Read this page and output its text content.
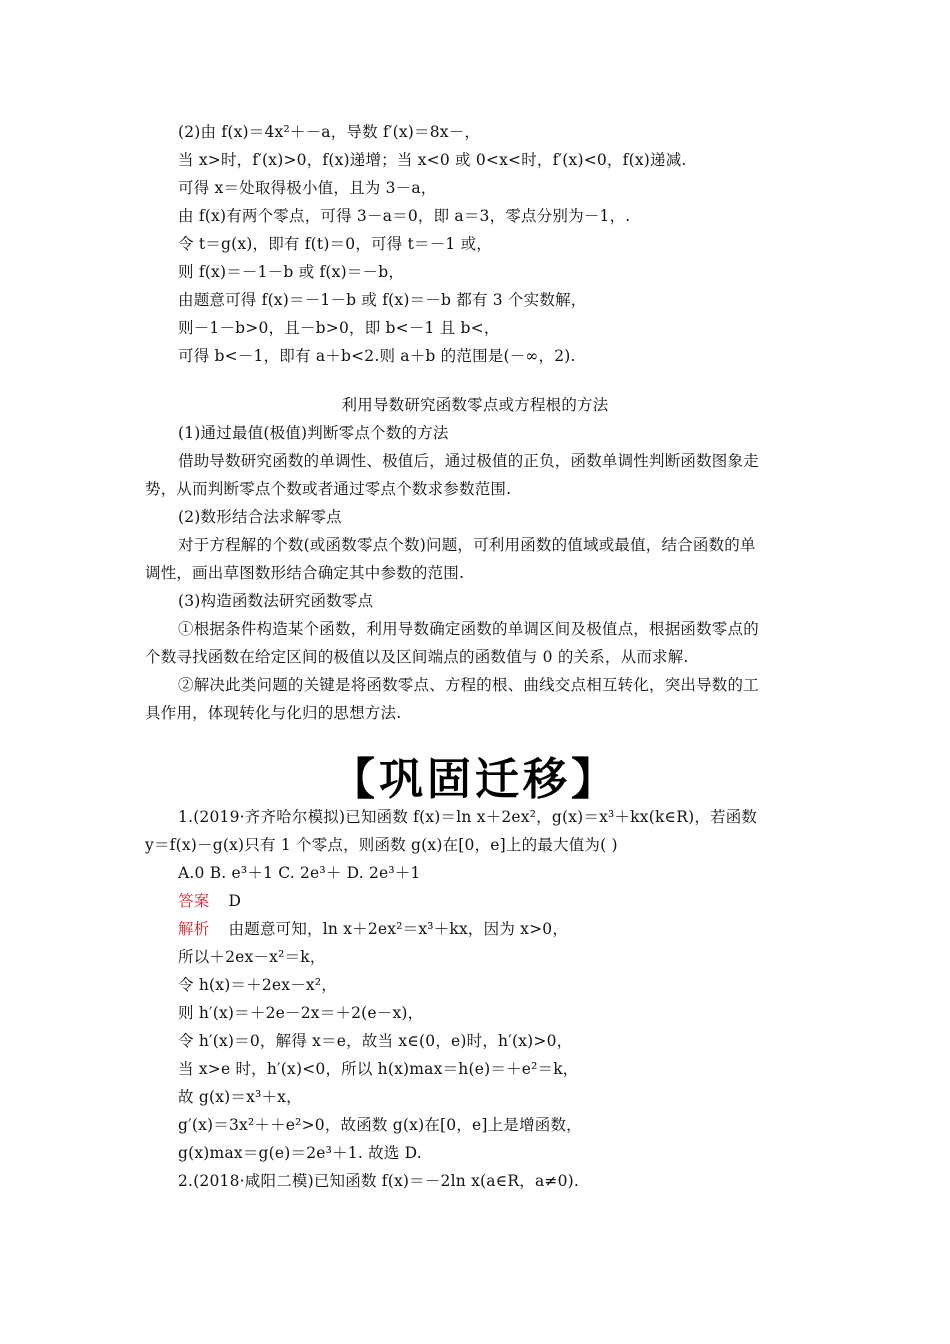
(2)由 f(x)＝4x²＋－a，导数 f′(x)＝8x－，
当 x>时，f′(x)>0，f(x)递增；当 x<0 或 0<x<时，f′(x)<0，f(x)递减.
可得 x＝处取得极小值，且为 3－a，
由 f(x)有两个零点，可得 3－a＝0，即 a＝3，零点分别为－1，.
令 t＝g(x)，即有 f(t)＝0，可得 t＝－1 或，
则 f(x)＝－1－b 或 f(x)＝－b，
由题意可得 f(x)＝－1－b 或 f(x)＝－b 都有 3 个实数解，
则－1－b>0，且－b>0，即 b<－1 且 b<，
可得 b<－1，即有 a＋b<2.则 a＋b 的范围是(－∞，2).
利用导数研究函数零点或方程根的方法
(1)通过最值(极值)判断零点个数的方法
借助导数研究函数的单调性、极值后，通过极值的正负，函数单调性判断函数图象走
势，从而判断零点个数或者通过零点个数求参数范围.
(2)数形结合法求解零点
对于方程解的个数(或函数零点个数)问题，可利用函数的值域或最值，结合函数的单
调性，画出草图数形结合确定其中参数的范围.
(3)构造函数法研究函数零点
①根据条件构造某个函数，利用导数确定函数的单调区间及极值点，根据函数零点的
个数寻找函数在给定区间的极值以及区间端点的函数值与 0 的关系，从而求解.
②解决此类问题的关键是将函数零点、方程的根、曲线交点相互转化，突出导数的工
具作用，体现转化与化归的思想方法.
【巩固迁移】
1.(2019·齐齐哈尔模拟)已知函数 f(x)＝ln x＋2ex²，g(x)＝x³＋kx(k∈R)，若函数
y＝f(x)－g(x)只有 1 个零点，则函数 g(x)在[0，e]上的最大值为( )
A.0 B. e³＋1 C. 2e³＋ D. 2e³＋1
答案 D
解析 由题意可知，ln x＋2ex²＝x³＋kx，因为 x>0，
所以＋2ex－x²＝k，
令 h(x)＝＋2ex－x²，
则 h′(x)＝＋2e－2x＝＋2(e－x)，
令 h′(x)＝0，解得 x＝e，故当 x∈(0，e)时，h′(x)>0，
当 x>e 时，h′(x)<0，所以 h(x)max＝h(e)＝＋e²＝k，
故 g(x)＝x³＋x，
g′(x)＝3x²＋＋e²>0，故函数 g(x)在[0，e]上是增函数，
g(x)max＝g(e)＝2e³＋1. 故选 D.
2.(2018·咸阳二模)已知函数 f(x)＝－2ln x(a∈R，a≠0).
